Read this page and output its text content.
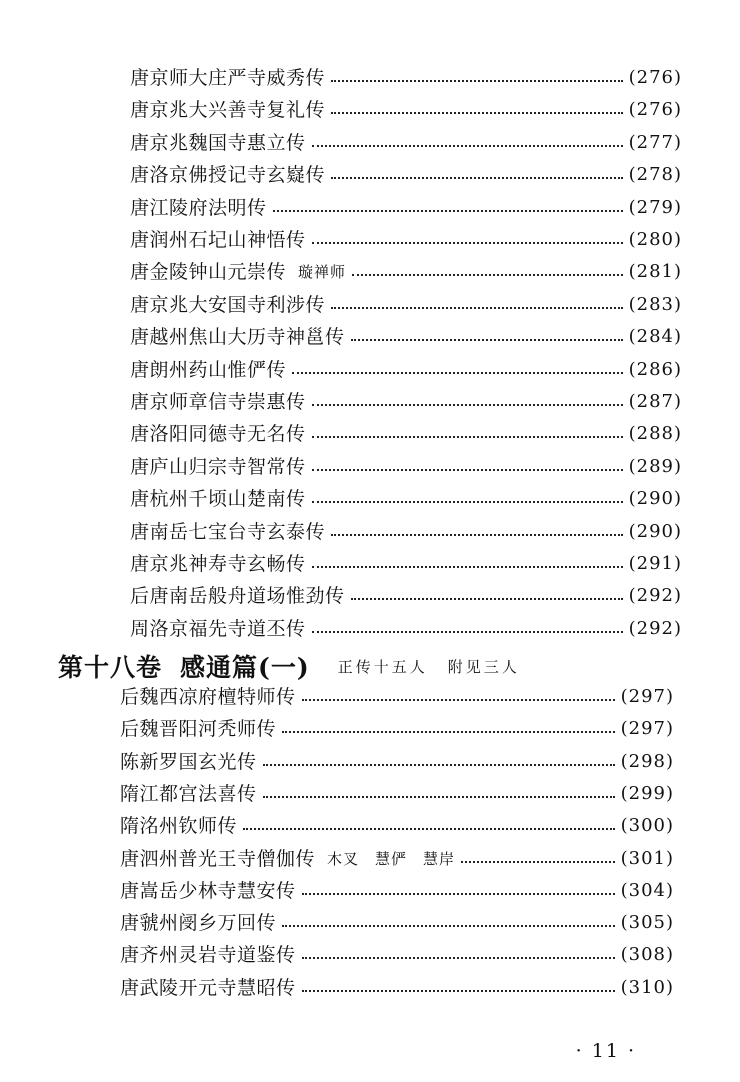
唐京师大庄严寺威秀传	(276)
唐京兆大兴善寺复礼传	(276)
唐京兆魏国寺惠立传	(277)
唐洛京佛授记寺玄嶷传	(278)
唐江陵府法明传	(279)
唐润州石圮山神悟传	(280)
唐金陵钟山元崇传 璇禅师	(281)
唐京兆大安国寺利涉传	(283)
唐越州焦山大历寺神邕传	(284)
唐朗州药山惟俨传	(286)
唐京师章信寺崇惠传	(287)
唐洛阳同德寺无名传	(288)
唐庐山归宗寺智常传	(289)
唐杭州千顷山楚南传	(290)
唐南岳七宝台寺玄泰传	(290)
唐京兆神寿寺玄畅传	(291)
后唐南岳般舟道场惟劲传	(292)
周洛京福先寺道丕传	(292)
第十八卷 感通篇(一) 正传十五人 附见三人
后魏西凉府檀特师传	(297)
后魏晋阳河秃师传	(297)
陈新罗国玄光传	(298)
隋江都宫法喜传	(299)
隋洺州钦师传	(300)
唐泗州普光王寺僧伽传 木叉 慧俨 慧岸	(301)
唐嵩岳少林寺慧安传	(304)
唐虢州阌乡万回传	(305)
唐齐州灵岩寺道鉴传	(308)
唐武陵开元寺慧昭传	(310)
· 11 ·
